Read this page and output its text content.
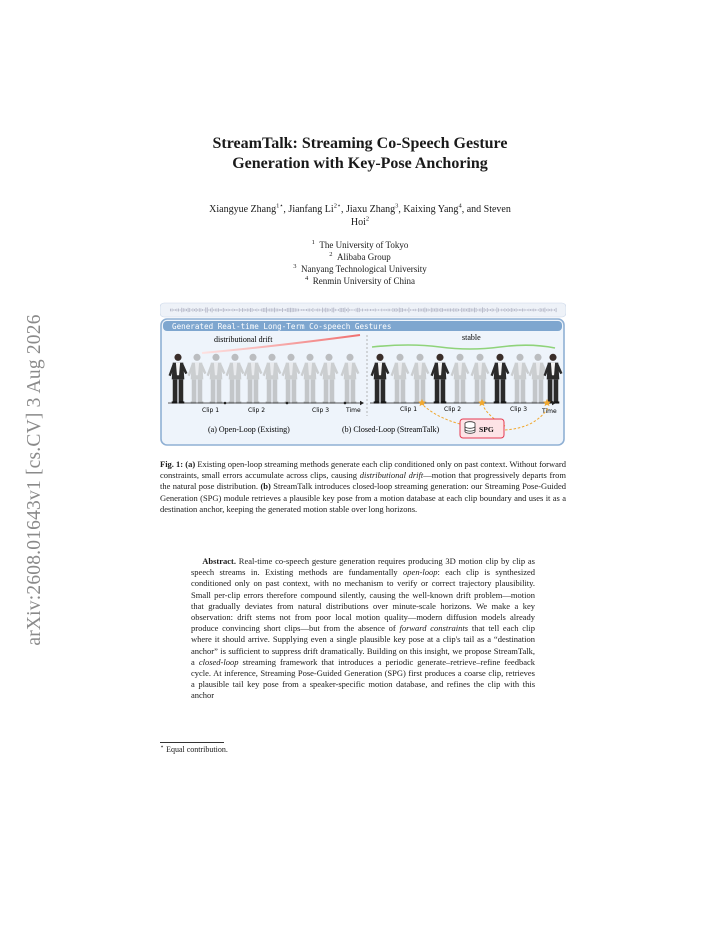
arXiv:2608.01643v1 [cs.CV] 3 Aug 2026
StreamTalk: Streaming Co-Speech Gesture
Generation with Key-Pose Anchoring
Xiangyue Zhang$^{1⋆}$, Jianfang $Li^{2⋆}$, Jiaxu Zhang$^3$, Kaixing Yang$^4$, and Steven
Hoi$^2$
$^1$ The University of Tokyo
$^2$ Alibaba Group
$^3$ Nanyang Technological University
$^4$ Renmin University of China
Generated Real-time Long-Term Co-speech Gestures
distributional drift	stable
Clip 1	Clip 2	Clip 3	Time	Clip 1	Clip 2	Clip 3 Time
(a) Open-Loop (Existing)	(b) Closed-Loop (StreamTalk)	SPG
Fig. 1: (a) Existing open-loop streaming methods generate each clip conditioned only on past context. Without forward constraints, small errors accumulate across clips, causing distributional drift—motion that progressively departs from the natural pose distribution. (b) StreamTalk introduces closed-loop streaming generation: our Streaming Pose-Guided Generation (SPG) module retrieves a plausible key pose from a motion database at each clip boundary and uses it as a destination anchor, keeping the generated motion stable over long horizons.

Abstract. Real-time co-speech gesture generation requires producing 3D motion clip by clip as speech streams in. Existing methods are fundamentally open-loop: each clip is synthesized conditioned only on past context, with no mechanism to verify or correct trajectory plausibility. Small per-clip errors therefore compound silently, causing the well-known drift problem—motion that gradually deviates from natural distributions over minute-scale horizons. We make a key observation: drift stems not from poor local motion quality—modern diffusion models already produce convincing short clips—but from the absence of forward constraints that tell each clip where it should arrive. Supplying even a single plausible key pose at a clip's tail as a “destination anchor” is sufficient to suppress drift dramatically. Building on this insight, we propose StreamTalk, a closed-loop streaming framework that introduces a periodic generate–retrieve–refine feedback cycle. At inference, Streaming Pose-Guided Generation (SPG) first produces a coarse clip, retrieves a plausible tail key pose from a speaker-specific motion database, and refines the clip with this anchor

⋆ Equal contribution.
